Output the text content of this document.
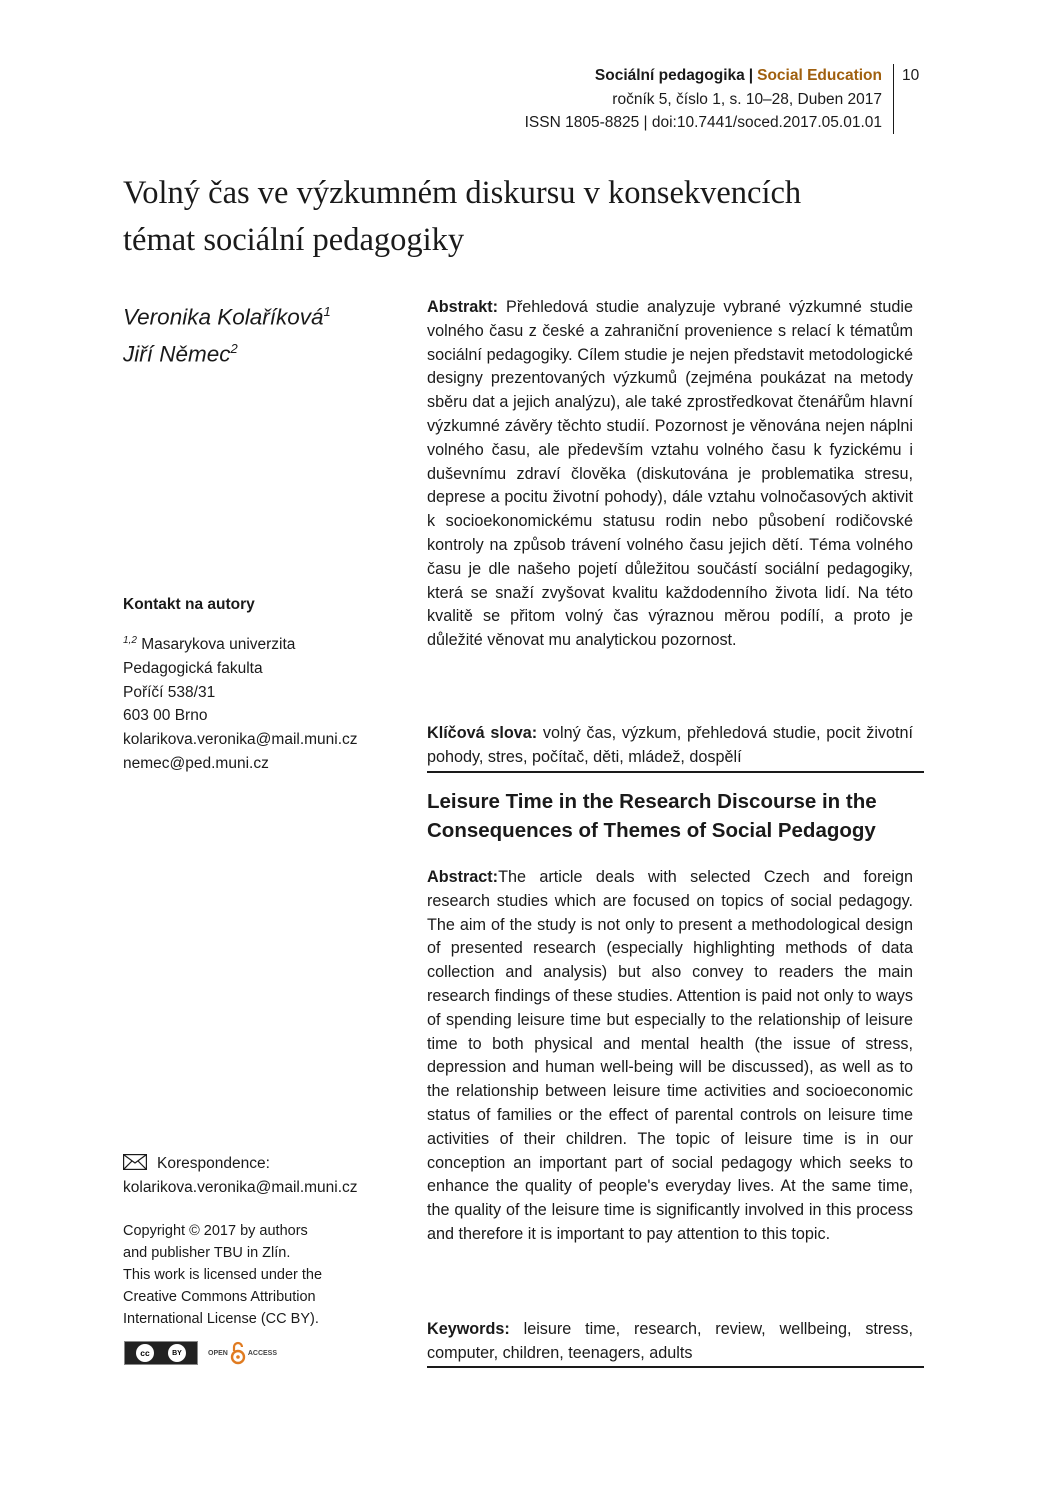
Sociální pedagogika | Social Education
ročník 5, číslo 1, s. 10–28, Duben 2017
ISSN 1805-8825 | doi:10.7441/soced.2017.05.01.01
10
Volný čas ve výzkumném diskursu v konsekvencích
témat sociální pedagogiky
Veronika Kolaříková$^1$
Jiří Němec$^2$
Kontakt na autory
$^{1,2}$ Masarykova univerzita
Pedagogická fakulta
Poříčí 538/31
603 00 Brno
kolarikova.veronika@mail.muni.cz
nemec@ped.muni.cz
Korespondence:
kolarikova.veronika@mail.muni.cz
Copyright © 2017 by authors
and publisher TBU in Zlín.
This work is licensed under the
Creative Commons Attribution
International License (CC BY).
cc	BY	OPEN	ACCESS
Abstrakt: Přehledová studie analyzuje vybrané výzkumné studie volného času z české a zahraniční provenience s relací k tématům sociální pedagogiky. Cílem studie je nejen představit metodologické designy prezentovaných výzkumů (zejména poukázat na metody sběru dat a jejich analýzu), ale také zprostředkovat čtenářům hlavní výzkumné závěry těchto studií. Pozornost je věnována nejen náplni volného času, ale především vztahu volného času k fyzickému i duševnímu zdraví člověka (diskutována je problematika stresu, deprese a pocitu životní pohody), dále vztahu volnočasových aktivit k socioekonomickému statusu rodin nebo působení rodičovské kontroly na způsob trávení volného času jejich dětí. Téma volného času je dle našeho pojetí důležitou součástí sociální pedagogiky, která se snaží zvyšovat kvalitu každodenního života lidí. Na této kvalitě se přitom volný čas výraznou měrou podílí, a proto je důležité věnovat mu analytickou pozornost.
Klíčová slova: volný čas, výzkum, přehledová studie, pocit životní pohody, stres, počítač, děti, mládež, dospělí
Leisure Time in the Research Discourse in the
Consequences of Themes of Social Pedagogy
Abstract:The article deals with selected Czech and foreign research studies which are focused on topics of social pedagogy. The aim of the study is not only to present a methodological design of presented research (especially highlighting methods of data collection and analysis) but also convey to readers the main research findings of these studies. Attention is paid not only to ways of spending leisure time but especially to the relationship of leisure time to both physical and mental health (the issue of stress, depression and human well-being will be discussed), as well as to the relationship between leisure time activities and socioeconomic status of families or the effect of parental controls on leisure time activities of their children. The topic of leisure time is in our conception an important part of social pedagogy which seeks to enhance the quality of people's everyday lives. At the same time, the quality of the leisure time is significantly involved in this process and therefore it is important to pay attention to this topic.
Keywords: leisure time, research, review, wellbeing, stress, computer, children, teenagers, adults
